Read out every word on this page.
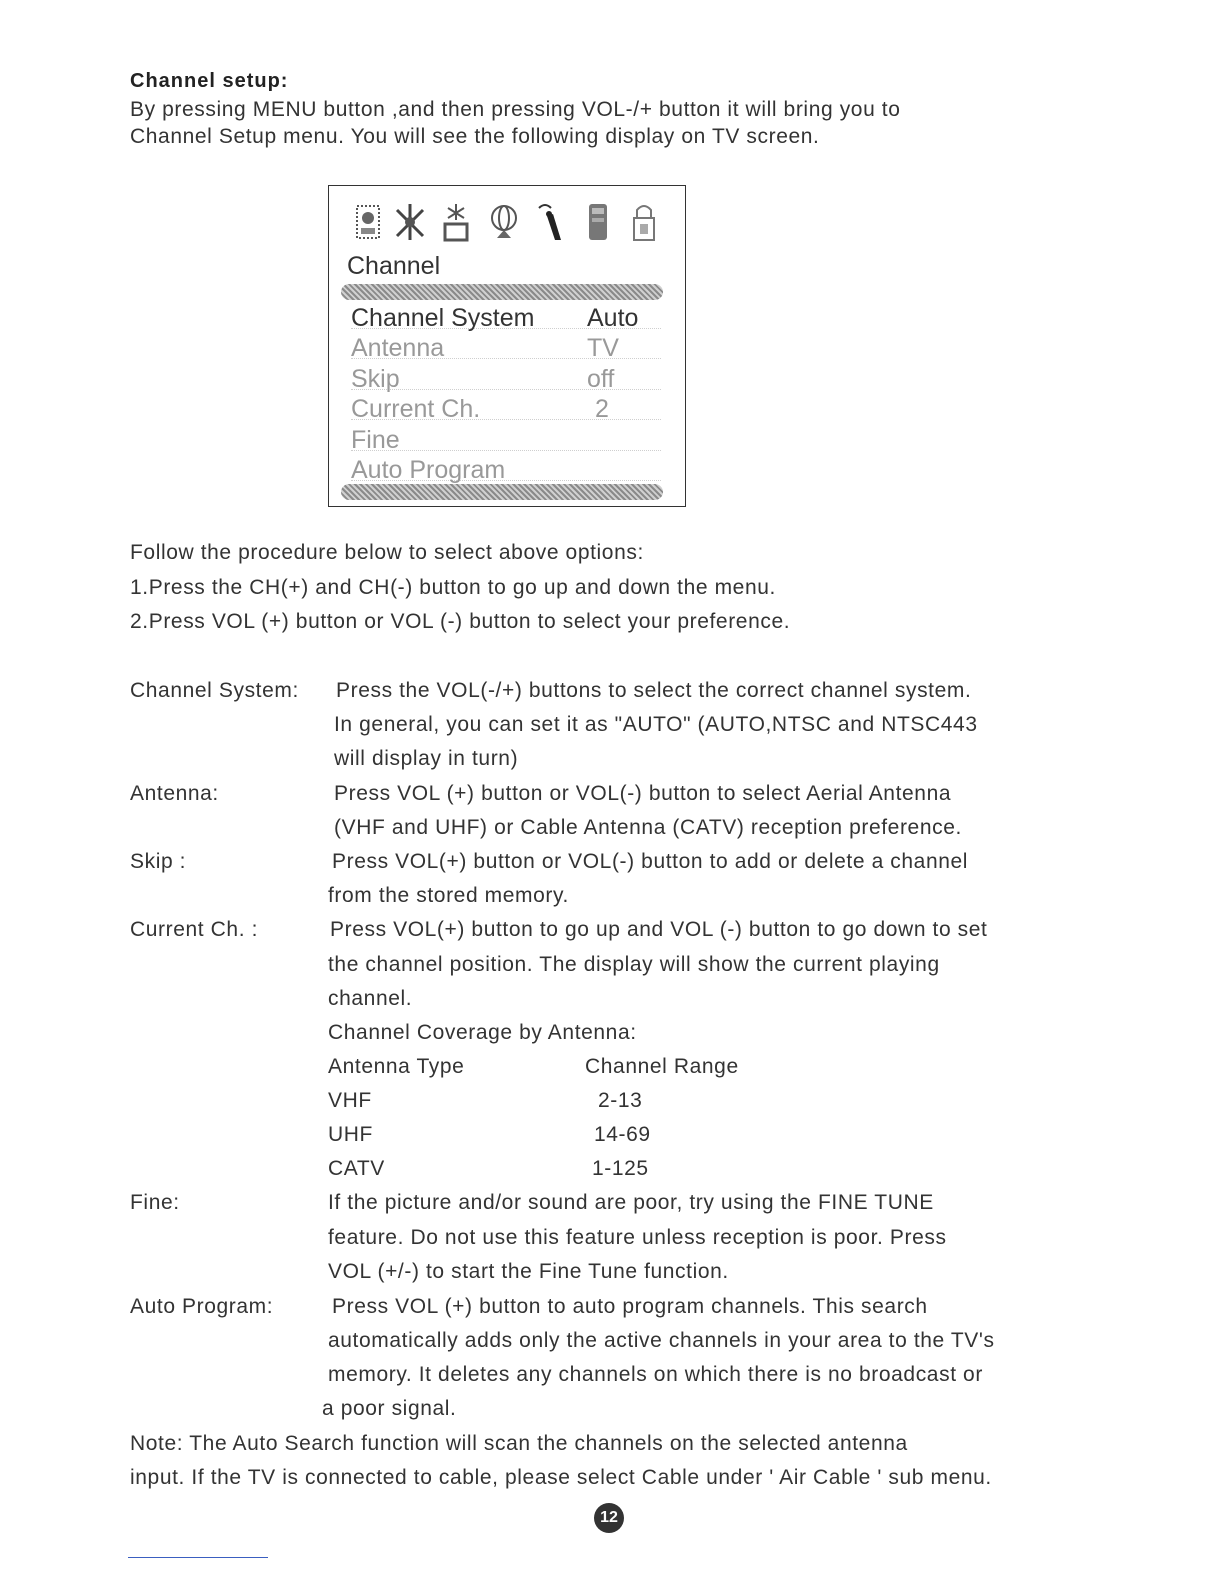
Channel setup:
By pressing MENU button ,and then pressing VOL-/+ button it will bring you to
Channel Setup menu. You will see the following display on TV screen.
Channel
Channel System Auto
Antenna	TV
Skip	off
Current Ch.	2
Fine
Auto Program
Follow the procedure below to select above options:
1.Press the CH(+) and CH(-) button to go up and down the menu.
2.Press VOL (+) button or VOL (-) button to select your preference.
Channel System: Press the VOL(-/+) buttons to select the correct channel system.
In general, you can set it as "AUTO" (AUTO,NTSC and NTSC443
will display in turn)
Antenna:	Press VOL (+) button or VOL(-) button to select Aerial Antenna
(VHF and UHF) or Cable Antenna (CATV) reception preference.
Skip :	Press VOL(+) button or VOL(-) button to add or delete a channel
from the stored memory.
Current Ch. :	Press VOL(+) button to go up and VOL (-) button to go down to set
the channel position. The display will show the current playing
channel.
Channel Coverage by Antenna:
Antenna Type	Channel Range
VHF	2-13
UHF	14-69
CATV	1-125
Fine:	If the picture and/or sound are poor, try using the FINE TUNE
feature. Do not use this feature unless reception is poor. Press
VOL (+/-) to start the Fine Tune function.
Auto Program:	Press VOL (+) button to auto program channels. This search
automatically adds only the active channels in your area to the TV's
memory. It deletes any channels on which there is no broadcast or
a poor signal.
Note: The Auto Search function will scan the channels on the selected antenna
input. If the TV is connected to cable, please select Cable under ' Air Cable ' sub menu.
12
